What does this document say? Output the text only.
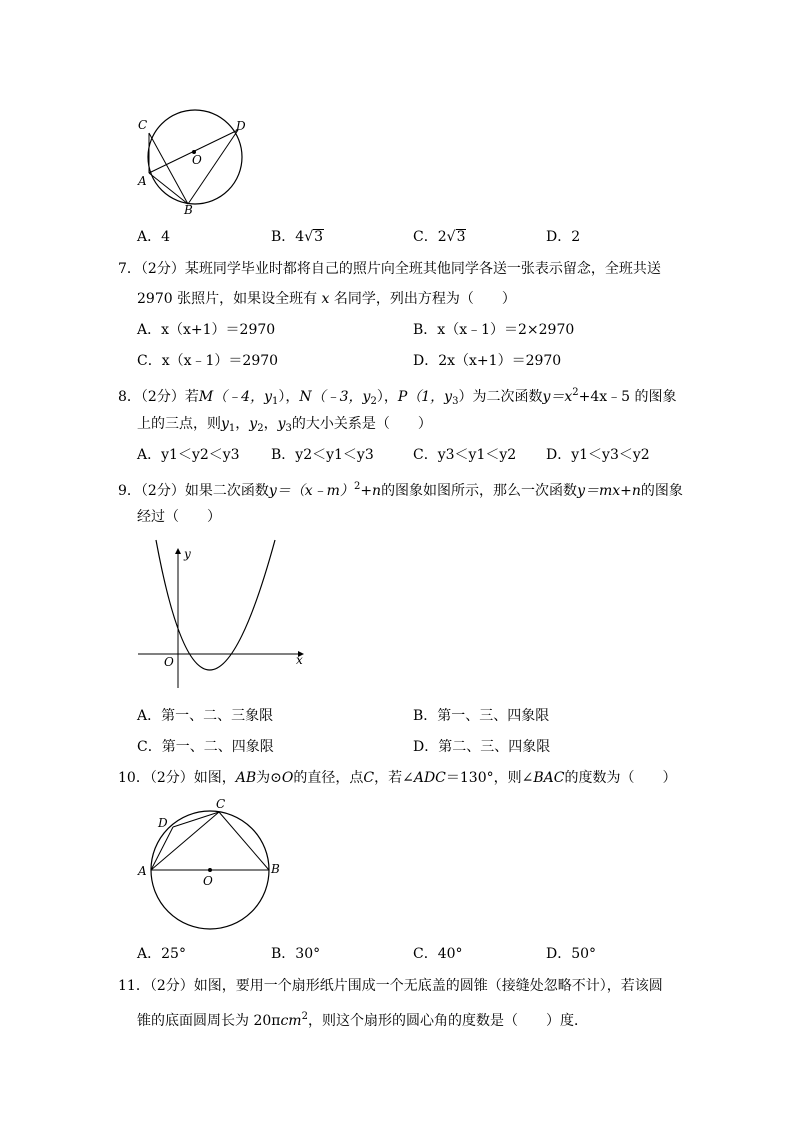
C	D
O
A
B
A．4	B．4√3	C．2√3	D．2
7．（2分）某班同学毕业时都将自己的照片向全班其他同学各送一张表示留念，全班共送
2970 张照片，如果设全班有 x 名同学，列出方程为（　　）
A．x（x+1）＝2970	B．x（x﹣1）＝2×2970
C．x（x﹣1）＝2970	D．2x（x+1）＝2970
8．（2分）若M（﹣4，$y_1$），N（﹣3，$y_2$），P（1，$y_3$）为二次函数$y=x^2+4x﹣5$ 的图象
上的三点，则$y_1$，$y_2$，$y_3$的大小关系是（　　）
A．y1＜y2＜y3 B．y2＜y1＜y3	C．y3＜y1＜y2 D．y1＜y3＜y2
9．（2分）如果二次函数y＝（x﹣m）$^2$+n的图象如图所示，那么一次函数y＝mx+n的图象
经过（　　）
y
x
O
A．第一、二、三象限	B．第一、三、四象限
C．第一、二、四象限	D．第二、三、四象限
10．（2分）如图，AB为⊙O的直径，点C，若∠ADC＝130°，则∠BAC的度数为（　　）
C
D
A	B
O
A．25°	B．30°	C．40°	D．50°
11．（2分）如图，要用一个扇形纸片围成一个无底盖的圆锥（接缝处忽略不计），若该圆
锥的底面圆周长为 20πcm$^2$，则这个扇形的圆心角的度数是（　　）度．
